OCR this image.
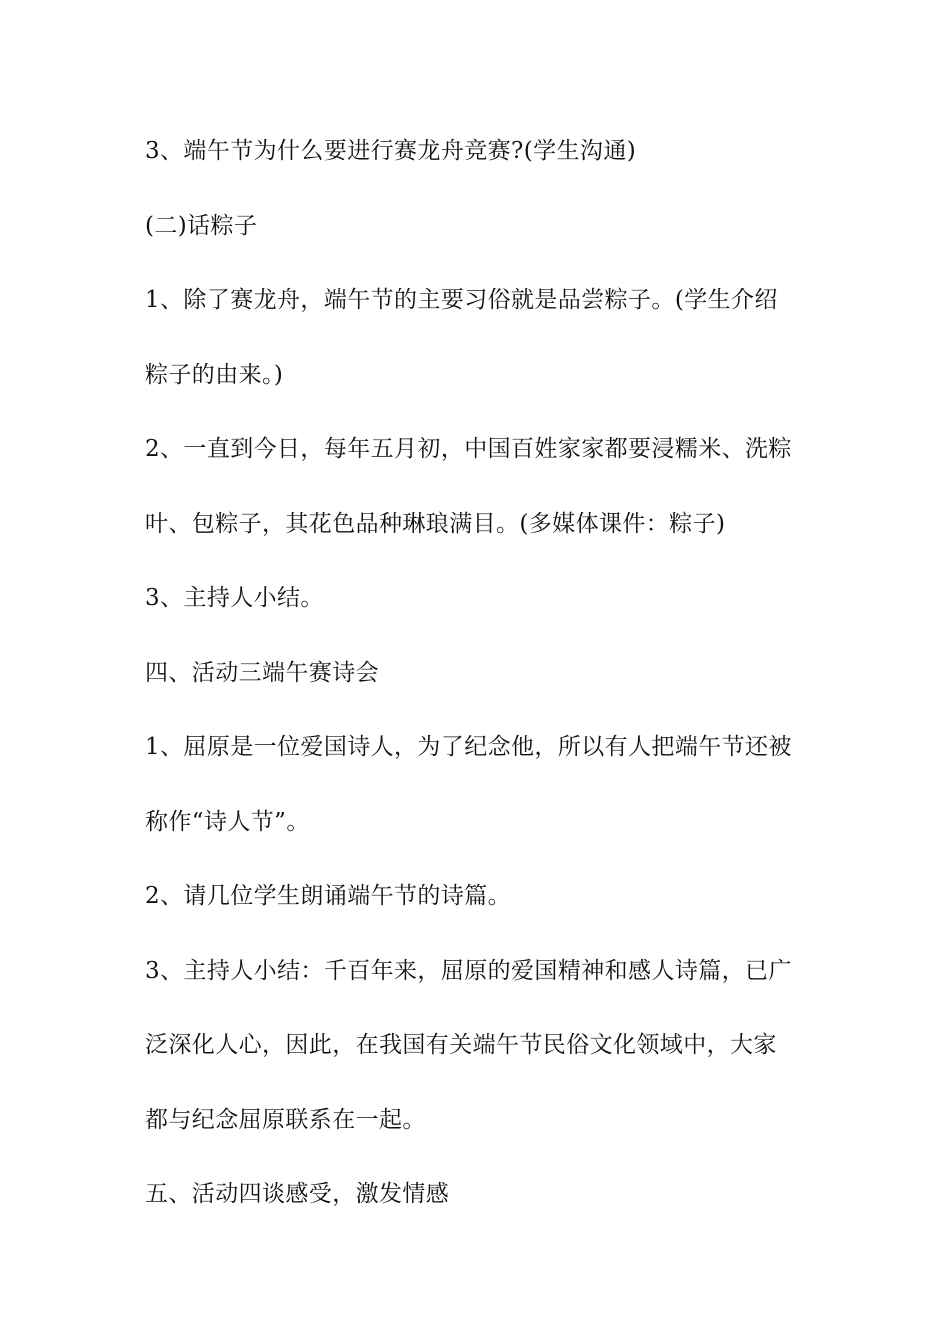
3、端午节为什么要进行赛龙舟竞赛?(学生沟通)
(二)话粽子
1、除了赛龙舟，端午节的主要习俗就是品尝粽子。(学生介绍
粽子的由来。)
2、一直到今日，每年五月初，中国百姓家家都要浸糯米、洗粽
叶、包粽子，其花色品种琳琅满目。(多媒体课件：粽子)
3、主持人小结。
四、活动三端午赛诗会
1、屈原是一位爱国诗人，为了纪念他，所以有人把端午节还被
称作“诗人节”。
2、请几位学生朗诵端午节的诗篇。
3、主持人小结：千百年来，屈原的爱国精神和感人诗篇，已广
泛深化人心，因此，在我国有关端午节民俗文化领域中，大家
都与纪念屈原联系在一起。
五、活动四谈感受，激发情感
